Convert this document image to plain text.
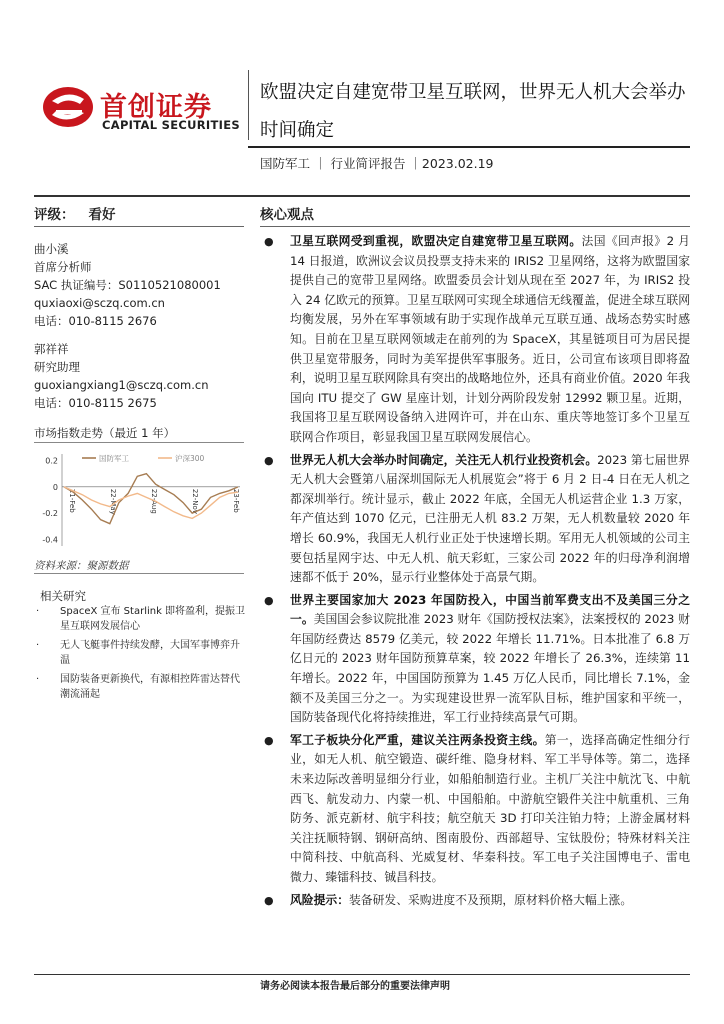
首创证券
CAPITAL SECURITIES
欧盟决定自建宽带卫星互联网，世界无人机大会举办
时间确定
国防军工 ｜ 行业简评报告 ｜2023.02.19
评级： 看好	核心观点
曲小溪
首席分析师
SAC 执证编号：S0110521080001
quxiaoxi@sczq.com.cn
电话：010-8115 2676
郭祥祥
研究助理
guoxiangxiang1@sczq.com.cn
电话：010-8115 2675
市场指数走势（最近 1 年）
0.2
0
-0.2
-0.4
21-Feb	22-May	22-Aug	22-Nov	23-Feb
国防军工	沪深300
资料来源：聚源数据
相关研究
· SpaceX 宣布 Starlink 即将盈利，提振卫星互联网发展信心
· 无人飞艇事件持续发酵，大国军事博弈升温
· 国防装备更新换代，有源相控阵雷达替代潮流涌起
● 卫星互联网受到重视，欧盟决定自建宽带卫星互联网。法国《回声报》2 月 14 日报道，欧洲议会议员投票支持未来的 IRIS2 卫星网络，这将为欧盟国家提供自己的宽带卫星网络。欧盟委员会计划从现在至 2027 年，为 IRIS2 投入 24 亿欧元的预算。卫星互联网可实现全球通信无线覆盖，促进全球互联网均衡发展，另外在军事领域有助于实现作战单元互联互通、战场态势实时感知。目前在卫星互联网领域走在前列的为 SpaceX，其星链项目可为居民提供卫星宽带服务，同时为美军提供军事服务。近日，公司宣布该项目即将盈利，说明卫星互联网除具有突出的战略地位外，还具有商业价值。2020 年我国向 ITU 提交了 GW 星座计划，计划分两阶段发射 12992 颗卫星。近期，我国将卫星互联网设备纳入进网许可，并在山东、重庆等地签订多个卫星互联网合作项目，彰显我国卫星互联网发展信心。
● 世界无人机大会举办时间确定，关注无人机行业投资机会。2023 第七届世界无人机大会暨第八届深圳国际无人机展览会”将于 6 月 2 日-4 日在无人机之都深圳举行。统计显示，截止 2022 年底，全国无人机运营企业 1.3 万家，年产值达到 1070 亿元，已注册无人机 83.2 万架，无人机数量较 2020 年增长 60.9%，我国无人机行业正处于快速增长期。军用无人机领域的公司主要包括星网宇达、中无人机、航天彩虹，三家公司 2022 年的归母净利润增速都不低于 20%，显示行业整体处于高景气期。
● 世界主要国家加大 2023 年国防投入，中国当前军费支出不及美国三分之一。美国国会参议院批准 2023 财年《国防授权法案》，法案授权的 2023 财年国防经费达 8579 亿美元，较 2022 年增长 11.71%。日本批准了 6.8 万亿日元的 2023 财年国防预算草案，较 2022 年增长了 26.3%，连续第 11 年增长。2022 年，中国国防预算为 1.45 万亿人民币，同比增长 7.1%，金额不及美国三分之一。为实现建设世界一流军队目标，维护国家和平统一，国防装备现代化将持续推进，军工行业持续高景气可期。
● 军工子板块分化严重，建议关注两条投资主线。第一，选择高确定性细分行业，如无人机、航空锻造、碳纤维、隐身材料、军工半导体等。第二，选择未来边际改善明显细分行业，如船舶制造行业。主机厂关注中航沈飞、中航西飞、航发动力、内蒙一机、中国船舶。中游航空锻件关注中航重机、三角防务、派克新材、航宇科技；航空航天 3D 打印关注铂力特；上游金属材料关注抚顺特钢、钢研高纳、图南股份、西部超导、宝钛股份；特殊材料关注中简科技、中航高科、光威复材、华秦科技。军工电子关注国博电子、雷电微力、臻镭科技、铖昌科技。
● 风险提示：装备研发、采购进度不及预期，原材料价格大幅上涨。
请务必阅读本报告最后部分的重要法律声明
